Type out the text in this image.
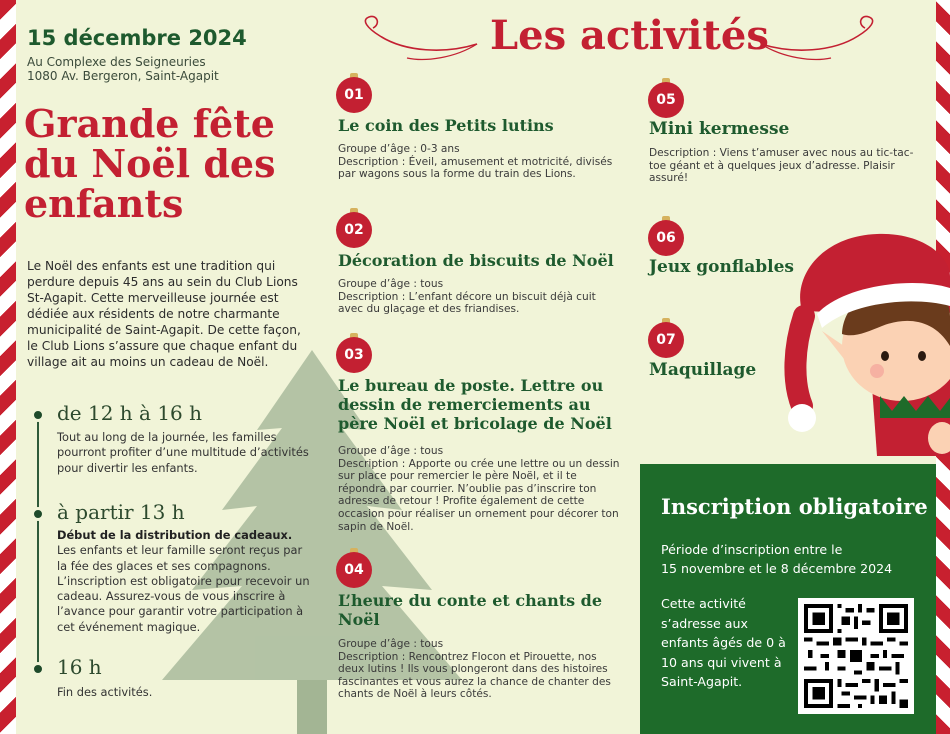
15 décembre 2024
Au Complexe des Seigneuries
1080 Av. Bergeron, Saint-Agapit
Grande fête du Noël des enfants
Le Noël des enfants est une tradition qui perdure depuis 45 ans au sein du Club Lions St-Agapit. Cette merveilleuse journée est dédiée aux résidents de notre charmante municipalité de Saint-Agapit. De cette façon, le Club Lions s’assure que chaque enfant du village ait au moins un cadeau de Noël.
de 12 h à 16 h
Tout au long de la journée, les familles pourront profiter d’une multitude d’activités pour divertir les enfants.
à partir 13 h
Début de la distribution de cadeaux.
Les enfants et leur famille seront reçus par la fée des glaces et ses compagnons. L’inscription est obligatoire pour recevoir un cadeau. Assurez-vous de vous inscrire à l’avance pour garantir votre participation à cet événement magique.
16 h
Fin des activités.
Les activités
01
Le coin des Petits lutins
Groupe d’âge : 0-3 ans
Description : Éveil, amusement et motricité, divisés par wagons sous la forme du train des Lions.
02
Décoration de biscuits de Noël
Groupe d’âge : tous
Description : L’enfant décore un biscuit déjà cuit avec du glaçage et des friandises.
03
Le bureau de poste. Lettre ou dessin de remerciements au père Noël et bricolage de Noël
Groupe d’âge : tous
Description : Apporte ou crée une lettre ou un dessin sur place pour remercier le père Noël, et il te répondra par courrier. N’oublie pas d’inscrire ton adresse de retour ! Profite également de cette occasion pour réaliser un ornement pour décorer ton sapin de Noël.
04
L’heure du conte et chants de Noël
Groupe d’âge : tous
Description : Rencontrez Flocon et Pirouette, nos deux lutins ! Ils vous plongeront dans des histoires fascinantes et vous aurez la chance de chanter des chants de Noël à leurs côtés.
05
Mini kermesse
Description : Viens t’amuser avec nous au tic-tac-toe géant et à quelques jeux d’adresse. Plaisir assuré!
06
Jeux gonflables
07
Maquillage
Inscription obligatoire
Période d’inscription entre le
15 novembre et le 8 décembre 2024
Cette activité s’adresse aux enfants âgés de 0 à 10 ans qui vivent à Saint-Agapit.
